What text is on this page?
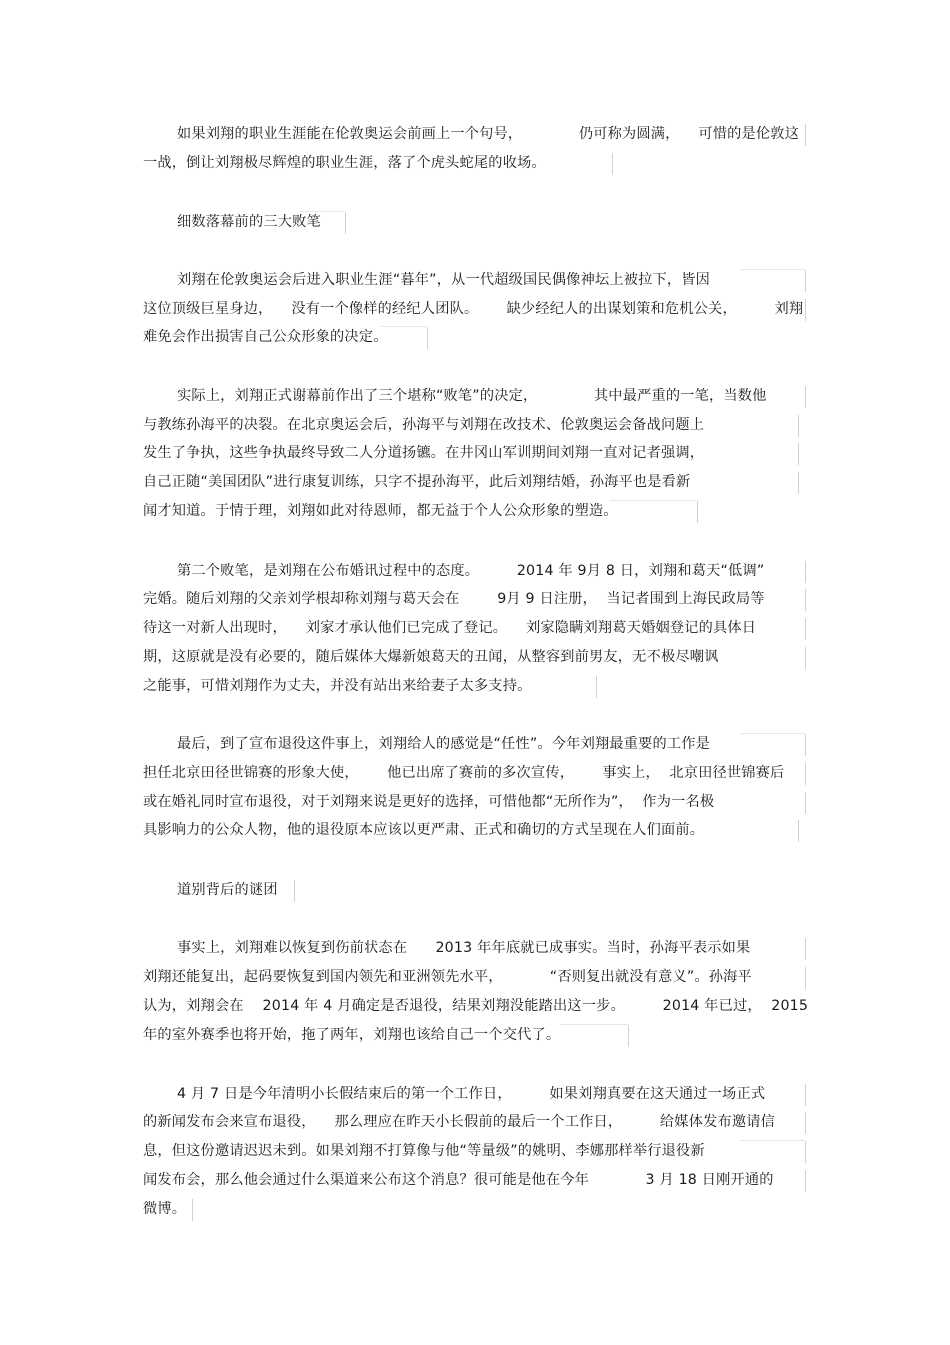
如果刘翔的职业生涯能在伦敦奥运会前画上一个句号，            仍可称为圆满，    可惜的是伦敦这
一战，倒让刘翔极尽辉煌的职业生涯，落了个虎头蛇尾的收场。
细数落幕前的三大败笔
刘翔在伦敦奥运会后进入职业生涯“暮年”，从一代超级国民偶像神坛上被拉下，皆因
这位顶级巨星身边，    没有一个像样的经纪人团队。      缺少经纪人的出谋划策和危机公关，        刘翔
难免会作出损害自己公众形象的决定。
实际上，刘翔正式谢幕前作出了三个堪称“败笔”的决定，            其中最严重的一笔，当数他
与教练孙海平的决裂。在北京奥运会后，孙海平与刘翔在改技术、伦敦奥运会备战问题上
发生了争执，这些争执最终导致二人分道扬镳。在井冈山军训期间刘翔一直对记者强调，
自己正随“美国团队”进行康复训练，只字不提孙海平，此后刘翔结婚，孙海平也是看新
闻才知道。于情于理，刘翔如此对待恩师，都无益于个人公众形象的塑造。
第二个败笔，是刘翔在公布婚讯过程中的态度。        2014 年 9月 8 日，刘翔和葛天“低调”
完婚。随后刘翔的父亲刘学根却称刘翔与葛天会在        9月 9 日注册，  当记者围到上海民政局等
待这一对新人出现时，    刘家才承认他们已完成了登记。    刘家隐瞒刘翔葛天婚姻登记的具体日
期，这原就是没有必要的，随后媒体大爆新娘葛天的丑闻，从整容到前男友，无不极尽嘲讽
之能事，可惜刘翔作为丈夫，并没有站出来给妻子太多支持。
最后，到了宣布退役这件事上，刘翔给人的感觉是“任性”。今年刘翔最重要的工作是
担任北京田径世锦赛的形象大使，      他已出席了赛前的多次宣传，      事实上，  北京田径世锦赛后
或在婚礼同时宣布退役，对于刘翔来说是更好的选择，可惜他都“无所作为”，  作为一名极
具影响力的公众人物，他的退役原本应该以更严肃、正式和确切的方式呈现在人们面前。
道别背后的谜团
事实上，刘翔难以恢复到伤前状态在      2013 年年底就已成事实。当时，孙海平表示如果
刘翔还能复出，起码要恢复到国内领先和亚洲领先水平，          “否则复出就没有意义”。孙海平
认为，刘翔会在    2014 年 4 月确定是否退役，结果刘翔没能踏出这一步。        2014 年已过，  2015
年的室外赛季也将开始，拖了两年，刘翔也该给自己一个交代了。
4 月 7 日是今年清明小长假结束后的第一个工作日，        如果刘翔真要在这天通过一场正式
的新闻发布会来宣布退役，    那么理应在昨天小长假前的最后一个工作日，        给媒体发布邀请信
息，但这份邀请迟迟未到。如果刘翔不打算像与他“等量级”的姚明、李娜那样举行退役新
闻发布会，那么他会通过什么渠道来公布这个消息？很可能是他在今年            3 月 18 日刚开通的
微博。
